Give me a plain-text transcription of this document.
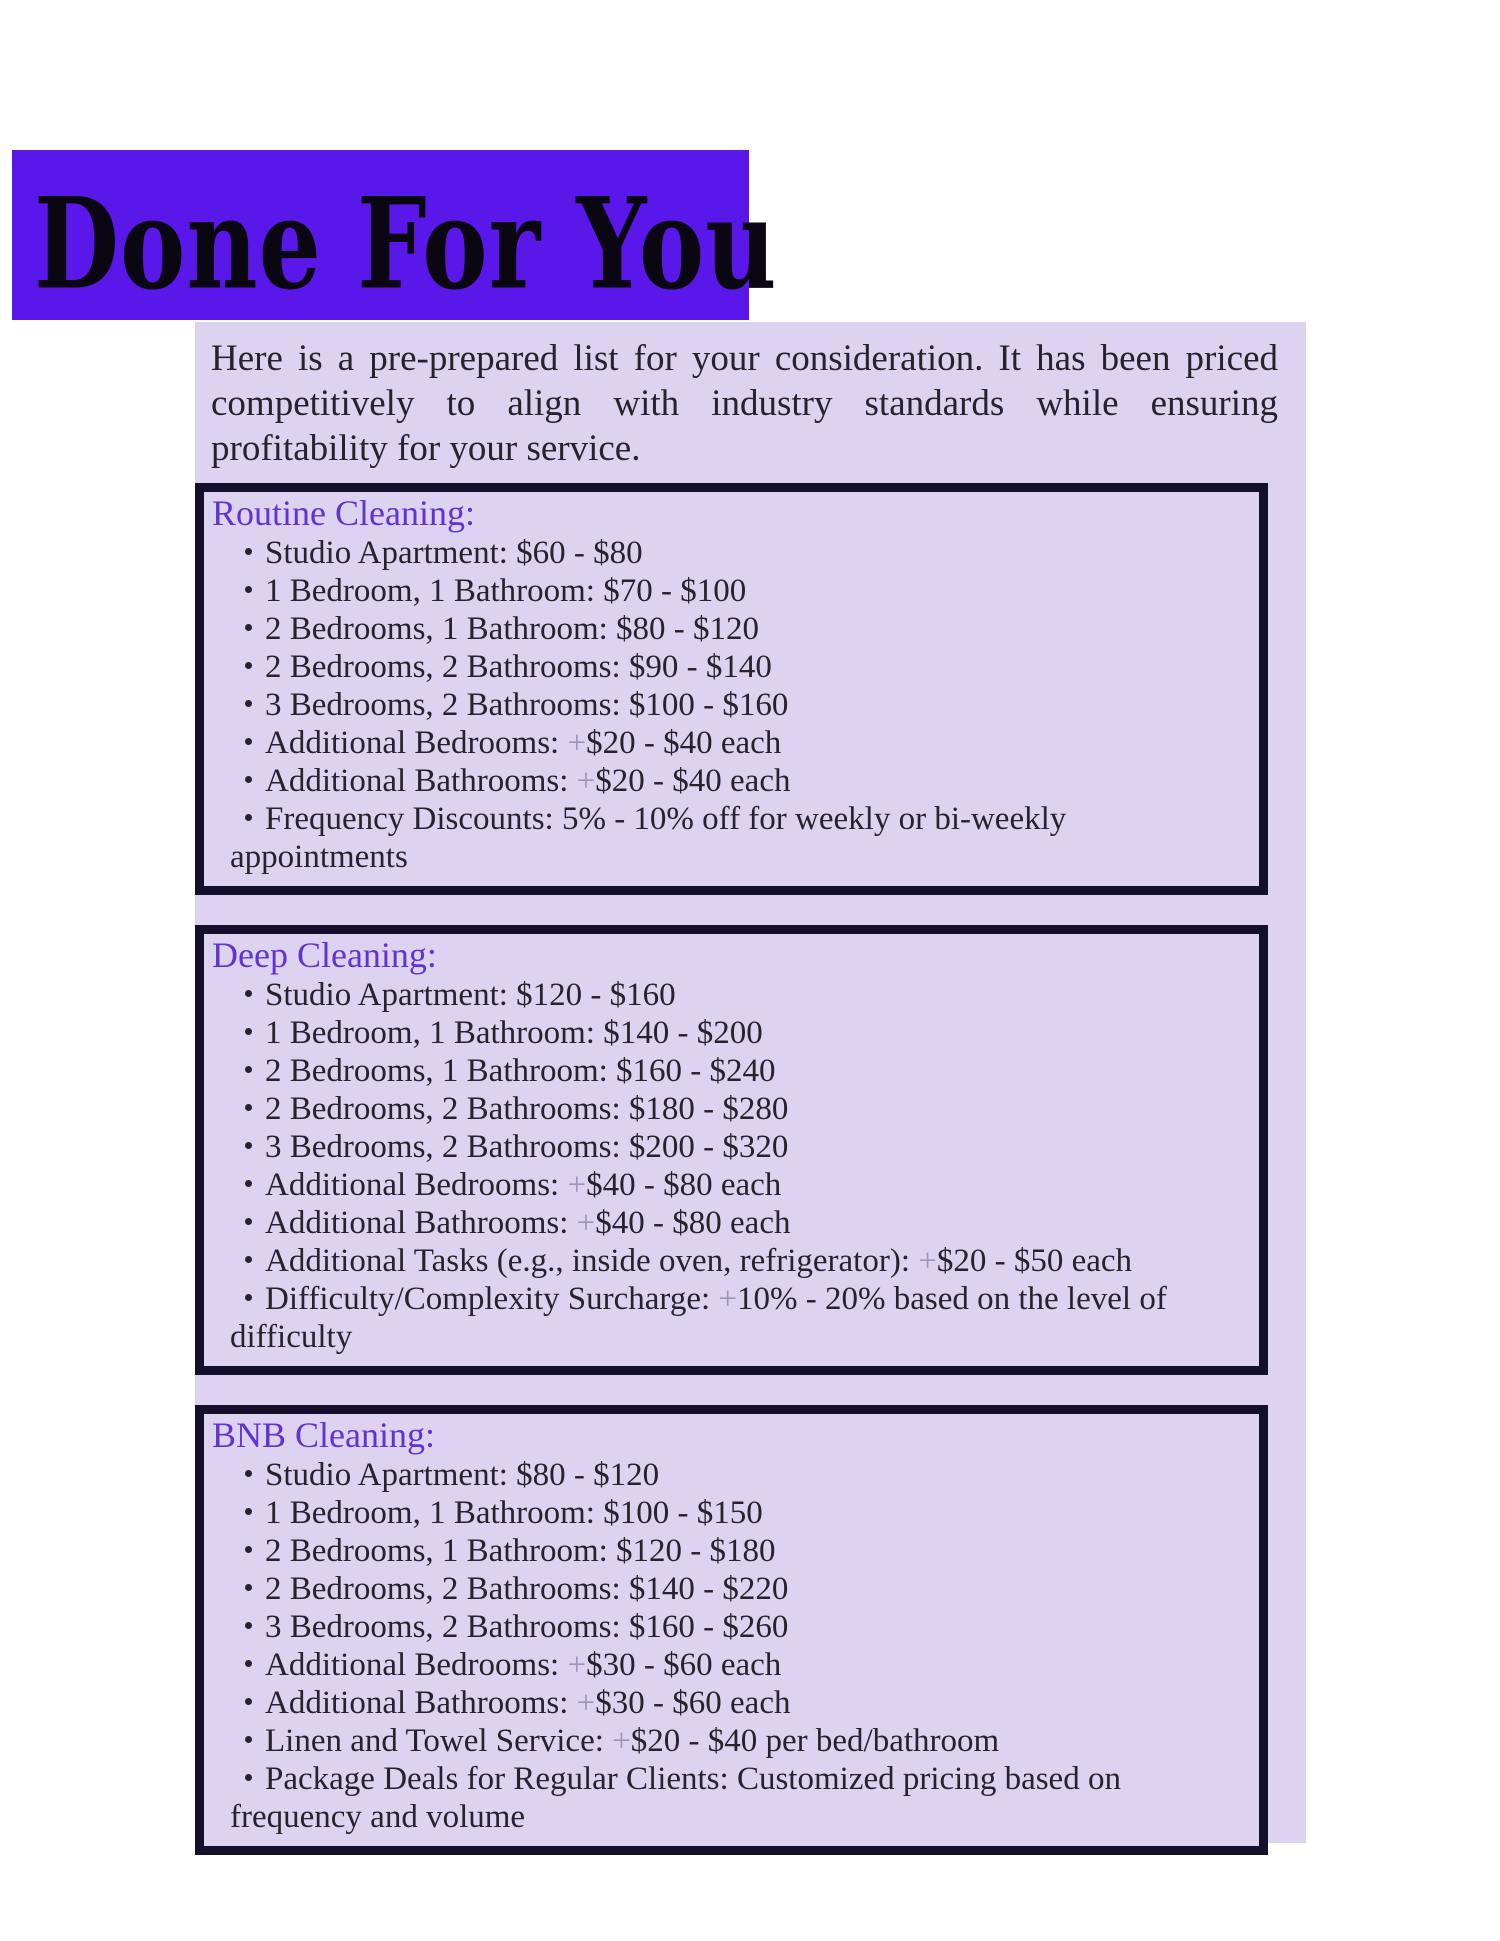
Done For You

Here is a pre-prepared list for your consideration. It has been priced competitively to align with industry standards while ensuring profitability for your service.

Routine Cleaning:
Studio Apartment: $60 - $80
1 Bedroom, 1 Bathroom: $70 - $100
2 Bedrooms, 1 Bathroom: $80 - $120
2 Bedrooms, 2 Bathrooms: $90 - $140
3 Bedrooms, 2 Bathrooms: $100 - $160
Additional Bedrooms: +$20 - $40 each
Additional Bathrooms: +$20 - $40 each
Frequency Discounts: 5% - 10% off for weekly or bi-weekly appointments
Deep Cleaning:
Studio Apartment: $120 - $160
1 Bedroom, 1 Bathroom: $140 - $200
2 Bedrooms, 1 Bathroom: $160 - $240
2 Bedrooms, 2 Bathrooms: $180 - $280
3 Bedrooms, 2 Bathrooms: $200 - $320
Additional Bedrooms: +$40 - $80 each
Additional Bathrooms: +$40 - $80 each
Additional Tasks (e.g., inside oven, refrigerator): +$20 - $50 each
Difficulty/Complexity Surcharge: +10% - 20% based on the level of difficulty
BNB Cleaning:
Studio Apartment: $80 - $120
1 Bedroom, 1 Bathroom: $100 - $150
2 Bedrooms, 1 Bathroom: $120 - $180
2 Bedrooms, 2 Bathrooms: $140 - $220
3 Bedrooms, 2 Bathrooms: $160 - $260
Additional Bedrooms: +$30 - $60 each
Additional Bathrooms: +$30 - $60 each
Linen and Towel Service: +$20 - $40 per bed/bathroom
Package Deals for Regular Clients: Customized pricing based on frequency and volume
